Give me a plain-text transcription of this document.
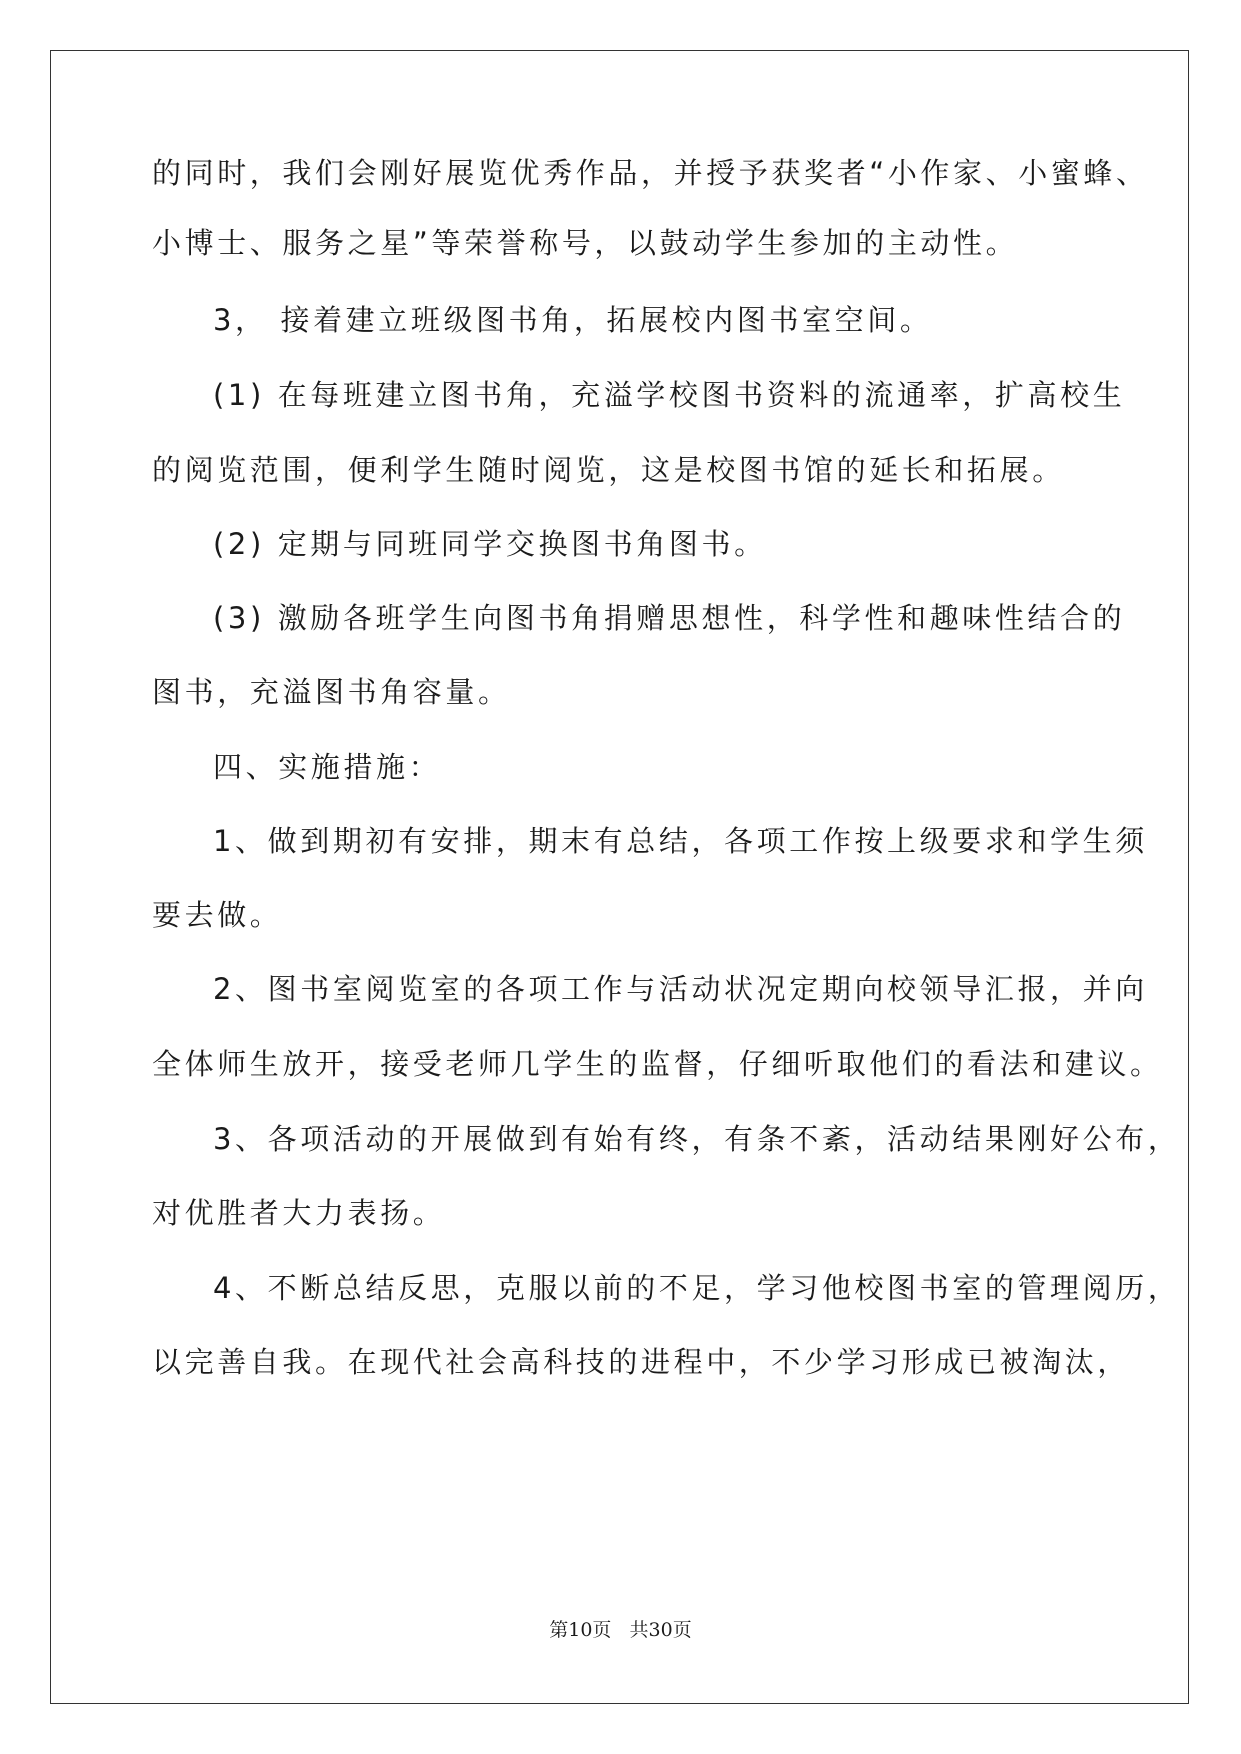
的同时，我们会刚好展览优秀作品，并授予获奖者“小作家、小蜜蜂、
小博士、服务之星”等荣誉称号，以鼓动学生参加的主动性。
3， 接着建立班级图书角，拓展校内图书室空间。
(1) 在每班建立图书角，充溢学校图书资料的流通率，扩高校生
的阅览范围，便利学生随时阅览，这是校图书馆的延长和拓展。
(2) 定期与同班同学交换图书角图书。
(3) 激励各班学生向图书角捐赠思想性，科学性和趣味性结合的
图书，充溢图书角容量。
四、实施措施：
1、做到期初有安排，期末有总结，各项工作按上级要求和学生须
要去做。
2、图书室阅览室的各项工作与活动状况定期向校领导汇报，并向
全体师生放开，接受老师几学生的监督，仔细听取他们的看法和建议。
3、各项活动的开展做到有始有终，有条不紊，活动结果刚好公布，
对优胜者大力表扬。
4、不断总结反思，克服以前的不足，学习他校图书室的管理阅历，
以完善自我。在现代社会高科技的进程中，不少学习形成已被淘汰，
第10页   共30页
